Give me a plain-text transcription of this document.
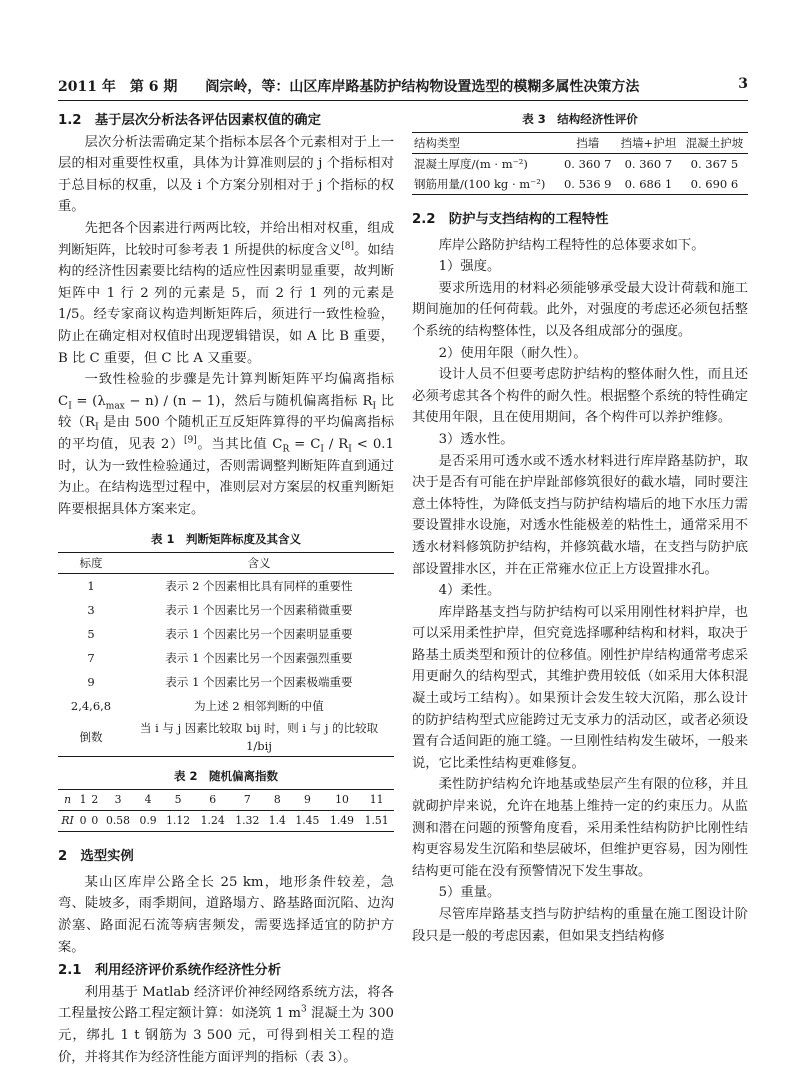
2011 年　第 6 期　　阎宗岭，等：山区库岸路基防护结构物设置选型的模糊多属性决策方法	3

1.2　基于层次分析法各评估因素权值的确定

层次分析法需确定某个指标本层各个元素相对于上一层的相对重要性权重，具体为计算准则层的 j 个指标相对于总目标的权重，以及 i 个方案分别相对于 j 个指标的权重。

先把各个因素进行两两比较，并给出相对权重，组成判断矩阵，比较时可参考表 1 所提供的标度含义[8]。如结构的经济性因素要比结构的适应性因素明显重要，故判断矩阵中 1 行 2 列的元素是 5，而 2 行 1 列的元素是 1/5。经专家商议构造判断矩阵后，须进行一致性检验，防止在确定相对权值时出现逻辑错误，如 A 比 B 重要，B 比 C 重要，但 C 比 A 又重要。

一致性检验的步骤是先计算判断矩阵平均偏离指标 $C_I = (\lambda_{max} - n) / (n - 1)$，然后与随机偏离指标 $R_I$ 比较（$R_I$ 是由 500 个随机正互反矩阵算得的平均偏离指标的平均值，见表 2）[9]。当其比值 $C_R = C_I / R_I < 0.1$ 时，认为一致性检验通过，否则需调整判断矩阵直到通过为止。在结构选型过程中，准则层对方案层的权重判断矩阵要根据具体方案来定。

表 1　判断矩阵标度及其含义
标度	含义
1	表示 2 个因素相比具有同样的重要性
3	表示 1 个因素比另一个因素稍微重要
5	表示 1 个因素比另一个因素明显重要
7	表示 1 个因素比另一个因素强烈重要
9	表示 1 个因素比另一个因素极端重要
2,4,6,8	为上述 2 相邻判断的中值
倒数	当 i 与 j 因素比较取 bij 时，则 i 与 j 的比较取 1/bij
表 2　随机偏离指数
n	1	2	3	4	5	6	7	8	9	10	11
RI	0	0	0.58	0.9	1.12	1.24	1.32	1.4	1.45	1.49	1.51

2　选型实例

某山区库岸公路全长 25 km，地形条件较差，急弯、陡坡多，雨季期间，道路塌方、路基路面沉陷、边沟淤塞、路面泥石流等病害频发，需要选择适宜的防护方案。

2.1　利用经济评价系统作经济性分析

利用基于 Matlab 经济评价神经网络系统方法，将各工程量按公路工程定额计算：如浇筑 1 $m^3$ 混凝土为 300 元，绑扎 1 t 钢筋为 3 500 元，可得到相关工程的造价，并将其作为经济性能方面评判的指标（表 3）。

表 3　结构经济性评价
结构类型	挡墙	挡墙+护坦	混凝土护坡
混凝土厚度/(m · m⁻²)	0. 360 7	0. 360 7	0. 367 5
钢筋用量/(100 kg · m⁻²)	0. 536 9	0. 686 1	0. 690 6

2.2　防护与支挡结构的工程特性

库岸公路防护结构工程特性的总体要求如下。

1）强度。

要求所选用的材料必须能够承受最大设计荷载和施工期间施加的任何荷载。此外，对强度的考虑还必须包括整个系统的结构整体性，以及各组成部分的强度。

2）使用年限（耐久性）。

设计人员不但要考虑防护结构的整体耐久性，而且还必须考虑其各个构件的耐久性。根据整个系统的特性确定其使用年限，且在使用期间，各个构件可以养护维修。

3）透水性。

是否采用可透水或不透水材料进行库岸路基防护，取决于是否有可能在护岸趾部修筑很好的截水墙，同时要注意土体特性，为降低支挡与防护结构墙后的地下水压力需要设置排水设施，对透水性能极差的粘性土，通常采用不透水材料修筑防护结构，并修筑截水墙，在支挡与防护底部设置排水区，并在正常雍水位正上方设置排水孔。

4）柔性。

库岸路基支挡与防护结构可以采用刚性材料护岸，也可以采用柔性护岸，但究竟选择哪种结构和材料，取决于路基土质类型和预计的位移值。刚性护岸结构通常考虑采用更耐久的结构型式，其维护费用较低（如采用大体积混凝土或圬工结构）。如果预计会发生较大沉陷，那么设计的防护结构型式应能跨过无支承力的活动区，或者必须设置有合适间距的施工缝。一旦刚性结构发生破坏，一般来说，它比柔性结构更难修复。

柔性防护结构允许地基或垫层产生有限的位移，并且就砌护岸来说，允许在地基上维持一定的约束压力。从监测和潜在问题的预警角度看，采用柔性结构防护比刚性结构更容易发生沉陷和垫层破坏，但维护更容易，因为刚性结构更可能在没有预警情况下发生事故。

5）重量。

尽管库岸路基支挡与防护结构的重量在施工图设计阶段只是一般的考虑因素，但如果支挡结构修
